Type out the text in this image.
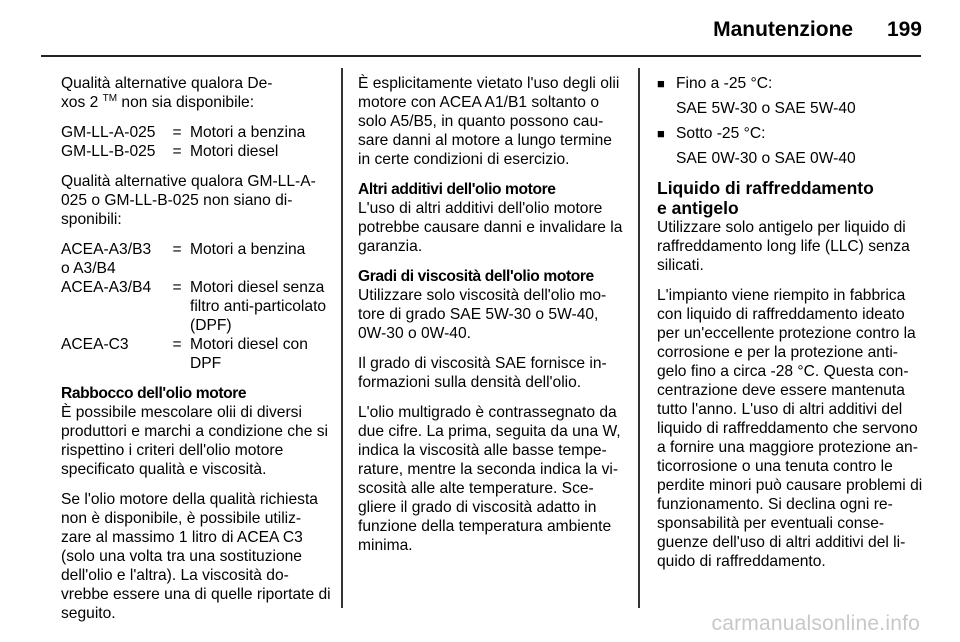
Manutenzione 199

Qualità alternative qualora De-
xos 2 ™ non sia disponibile:

GM-LL-A-025	=	Motori a benzina
GM-LL-B-025	=	Motori diesel

Qualità alternative qualora GM-LL-A-025 o GM-LL-B-025 non siano di-sponibili:

ACEA-A3/B3 o A3/B4	=	Motori a benzina
ACEA-A3/B4	=	Motori diesel senza filtro anti-particolato (DPF)
ACEA-C3	=	Motori diesel con DPF

Rabbocco dell'olio motore
È possibile mescolare olii di diversi produttori e marchi a condizione che si rispettino i criteri dell'olio motore specificato qualità e viscosità.

Se l'olio motore della qualità richiesta non è disponibile, è possibile utiliz-zare al massimo 1 litro di ACEA C3 (solo una volta tra una sostituzione dell'olio e l'altra). La viscosità do-vrebbe essere una di quelle riportate di seguito.

È esplicitamente vietato l'uso degli olii motore con ACEA A1/B1 soltanto o solo A5/B5, in quanto possono cau-sare danni al motore a lungo termine in certe condizioni di esercizio.

Altri additivi dell'olio motore
L'uso di altri additivi dell'olio motore potrebbe causare danni e invalidare la garanzia.

Gradi di viscosità dell'olio motore
Utilizzare solo viscosità dell'olio mo-tore di grado SAE 5W-30 o 5W-40, 0W-30 o 0W-40.

Il grado di viscosità SAE fornisce in-formazioni sulla densità dell'olio.

L'olio multigrado è contrassegnato da due cifre. La prima, seguita da una W, indica la viscosità alle basse tempe-rature, mentre la seconda indica la vi-scosità alle alte temperature. Sce-gliere il grado di viscosità adatto in funzione della temperatura ambiente minima.

■ Fino a -25 °C:
SAE 5W-30 o SAE 5W-40
■ Sotto -25 °C:
SAE 0W-30 o SAE 0W-40
Liquido di raffreddamento
e antigelo

Utilizzare solo antigelo per liquido di raffreddamento long life (LLC) senza silicati.

L'impianto viene riempito in fabbrica con liquido di raffreddamento ideato per un'eccellente protezione contro la corrosione e per la protezione anti-gelo fino a circa -28 °C. Questa con-centrazione deve essere mantenuta tutto l'anno. L'uso di altri additivi del liquido di raffreddamento che servono a fornire una maggiore protezione an-ticorrosione o una tenuta contro le perdite minori può causare problemi di funzionamento. Si declina ogni re-sponsabilità per eventuali conse-guenze dell'uso di altri additivi del li-quido di raffreddamento.

carmanualsonline.info
